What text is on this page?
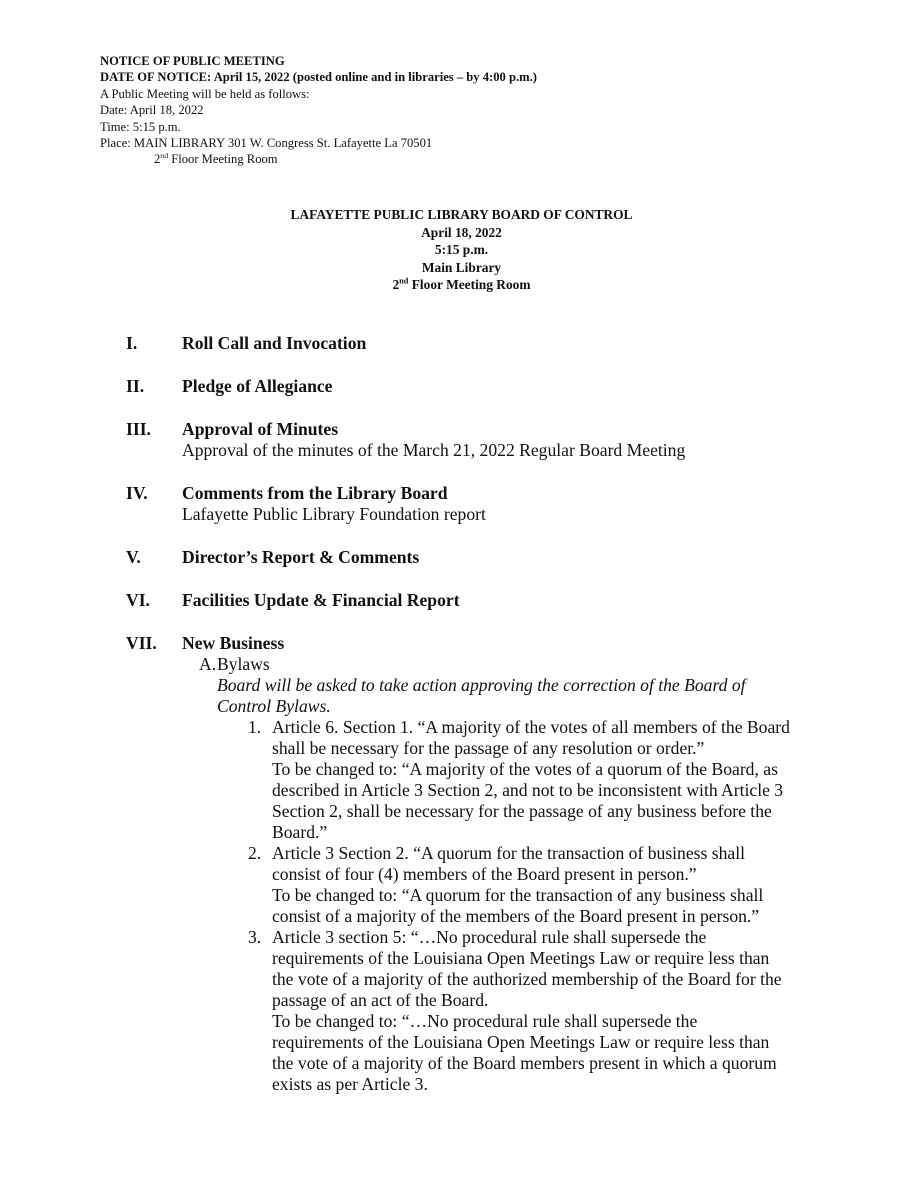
NOTICE OF PUBLIC MEETING
DATE OF NOTICE: April 15, 2022 (posted online and in libraries – by 4:00 p.m.)
A Public Meeting will be held as follows:
Date: April 18, 2022
Time: 5:15 p.m.
Place: MAIN LIBRARY 301 W. Congress St. Lafayette La 70501
2nd Floor Meeting Room
LAFAYETTE PUBLIC LIBRARY BOARD OF CONTROL
April 18, 2022
5:15 p.m.
Main Library
2nd Floor Meeting Room
I.	Roll Call and Invocation
II. Pledge of Allegiance
III. Approval of Minutes
Approval of the minutes of the March 21, 2022 Regular Board Meeting
IV. Comments from the Library Board
Lafayette Public Library Foundation report
V. Director’s Report & Comments
VI. Facilities Update & Financial Report
VII. New Business
A. Bylaws
Board will be asked to take action approving the correction of the Board of
Control Bylaws.
1. Article 6. Section 1. “A majority of the votes of all members of the Board
shall be necessary for the passage of any resolution or order.”
To be changed to: “A majority of the votes of a quorum of the Board, as
described in Article 3 Section 2, and not to be inconsistent with Article 3
Section 2, shall be necessary for the passage of any business before the
Board.”
2. Article 3 Section 2. “A quorum for the transaction of business shall
consist of four (4) members of the Board present in person.”
To be changed to: “A quorum for the transaction of any business shall
consist of a majority of the members of the Board present in person.”
3. Article 3 section 5: “…No procedural rule shall supersede the
requirements of the Louisiana Open Meetings Law or require less than
the vote of a majority of the authorized membership of the Board for the
passage of an act of the Board.
To be changed to: “…No procedural rule shall supersede the
requirements of the Louisiana Open Meetings Law or require less than
the vote of a majority of the Board members present in which a quorum
exists as per Article 3.
